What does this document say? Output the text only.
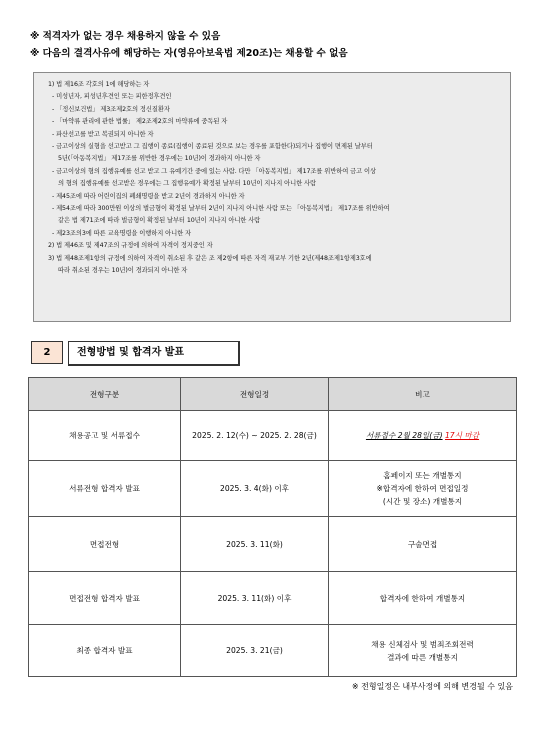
※ 적격자가 없는 경우 채용하지 않을 수 있음
※ 다음의 결격사유에 해당하는 자(영유아보육법 제20조)는 채용할 수 없음
1) 법 제16조 각호의 1에 해당하는 자
- 미성년자, 피성년후견인 또는 피한정후견인
- 「정신보건법」 제3조제2호의 정신질환자
- 「마약류 관리에 관한 법률」 제2조제2호의 마약류에 중독된 자
- 파산선고를 받고 복권되지 아니한 자
- 금고이상의 실형을 선고받고 그 집행이 종료(집행이 종료된 것으로 보는 경우를 포함한다)되거나 집행이 면제된 날부터
5년(「아동복지법」 제17조를 위반한 경우에는 10년)이 경과하지 아니한 자
- 금고이상의 형의 집행유예를 선고 받고 그 유예기간 중에 있는 사람. 다만 「아동복지법」 제17조를 위반하여 금고 이상
의 형의 집행유예를 선고받은 경우에는 그 집행유예가 확정된 날부터 10년이 지나지 아니한 사람
- 제45조에 따라 어린이집의 폐쇄명령을 받고 2년이 경과하지 아니한 자
- 제54조에 따라 300만원 이상의 벌금형이 확정된 날부터 2년이 지나지 아니한 사람 또는 「아동복지법」 제17조를 위반하여
같은 법 제71조에 따라 벌금형이 확정된 날부터 10년이 지나지 아니한 사람
- 제23조의3에 따른 교육명령을 이행하지 아니한 자
2) 법 제46조 및 제47조의 규정에 의하여 자격이 정지중인 자
3) 법 제48조제1항의 규정에 의하여 자격이 취소된 후 같은 조 제2항에 따른 자격 재교부 기한 2년(제48조제1항제3호에
따라 취소된 경우는 10년)이 경과되지 아니한 자
2	전형방법 및 합격자 발표
전형구분	전형일정	비고
채용공고 및 서류접수	2025. 2. 12(수) ~ 2025. 2. 28(금)	서류접수 2월 28일(금) 17시 마감
서류전형 합격자 발표	2025. 3. 4(화) 이후	홈페이지 또는 개별통지
※합격자에 한하여 면접일정
(시간 및 장소) 개별통지

면접전형	2025. 3. 11(화)	구술면접

면접전형 합격자 발표	2025. 3. 11(화) 이후	합격자에 한하여 개별통지

최종 합격자 발표	2025. 3. 21(금)	채용 신체검사 및 범죄조회전력
결과에 따른 개별통지
※ 전형일정은 내부사정에 의해 변경될 수 있음
